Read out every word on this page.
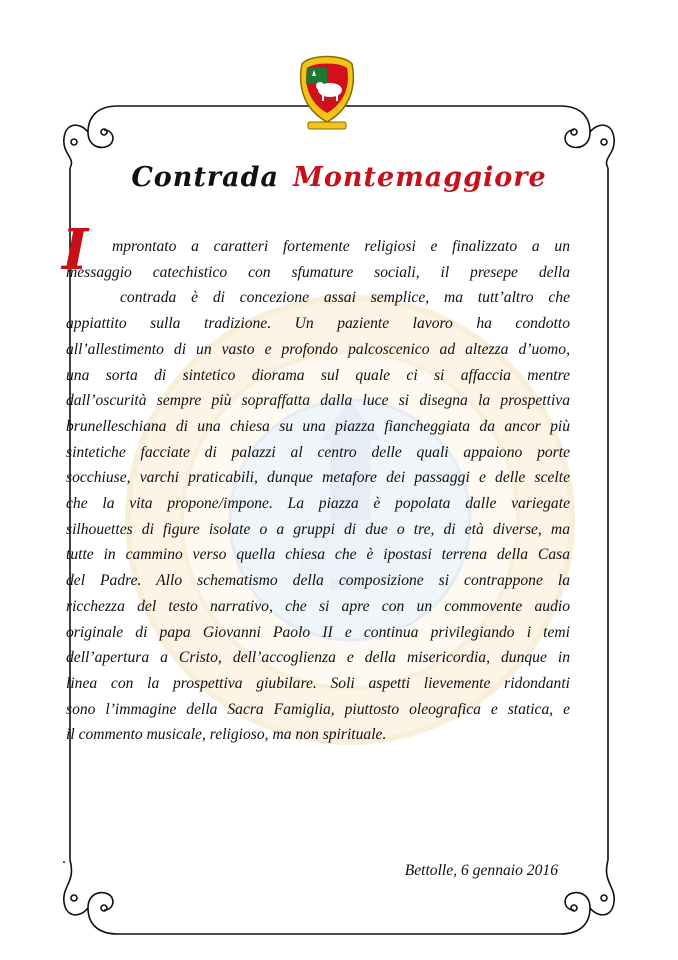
Contrada Montemaggiore
I	mprontato a caratteri fortemente religiosi e finalizzato a un
messaggio catechistico con sfumature sociali, il presepe della
contrada è di concezione assai semplice, ma tutt’altro che
appiattito sulla tradizione. Un paziente lavoro ha condotto
all’allestimento di un vasto e profondo palcoscenico ad altezza d’uomo,
una sorta di sintetico diorama sul quale ci si affaccia mentre
dall’oscurità sempre più sopraffatta dalla luce si disegna la prospettiva
brunelleschiana di una chiesa su una piazza fiancheggiata da ancor più
sintetiche facciate di palazzi al centro delle quali appaiono porte
socchiuse, varchi praticabili, dunque metafore dei passaggi e delle scelte
che la vita propone/impone. La piazza è popolata dalle variegate
silhouettes di figure isolate o a gruppi di due o tre, di età diverse, ma
tutte in cammino verso quella chiesa che è ipostasi terrena della Casa
del Padre. Allo schematismo della composizione si contrappone la
ricchezza del testo narrativo, che si apre con un commovente audio
originale di papa Giovanni Paolo II e continua privilegiando i temi
dell’apertura a Cristo, dell’accoglienza e della misericordia, dunque in
linea con la prospettiva giubilare. Soli aspetti lievemente ridondanti
sono l’immagine della Sacra Famiglia, piuttosto oleografica e statica, e
il commento musicale, religioso, ma non spirituale.
.
Bettolle, 6 gennaio 2016
